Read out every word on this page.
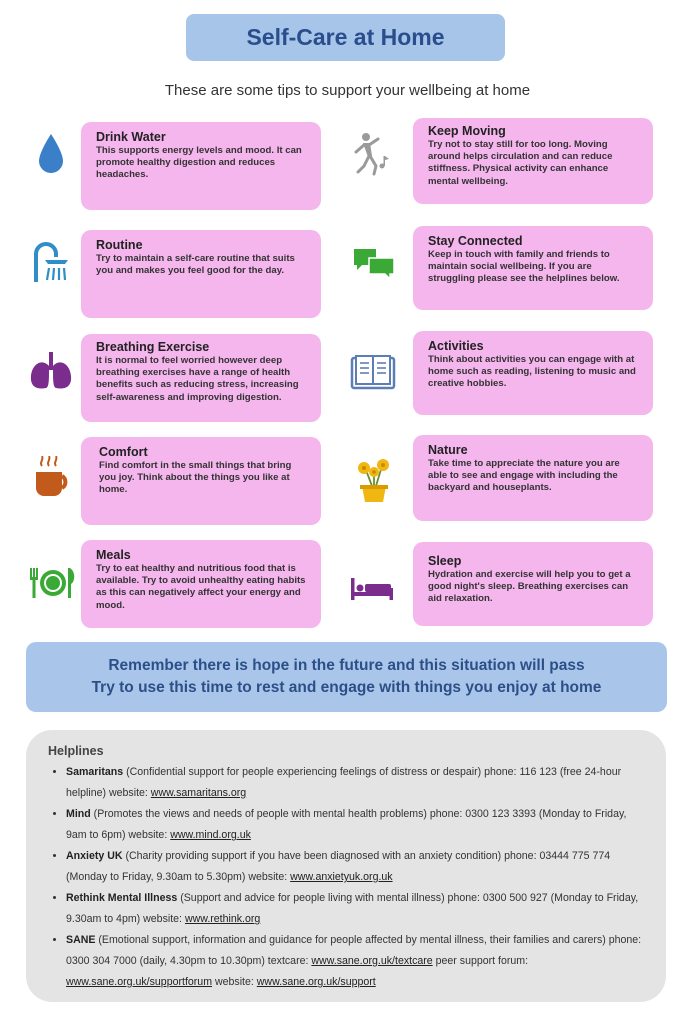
Self-Care at Home
These are some tips to support your wellbeing at home
Drink Water

This supports energy levels and mood. It can promote healthy digestion and reduces headaches.

Routine

Try to maintain a self-care routine that suits you and makes you feel good for the day.

Breathing Exercise

It is normal to feel worried however deep breathing exercises have a range of health benefits such as reducing stress, increasing self-awareness and improving digestion.

Comfort

Find comfort in the small things that bring you joy. Think about the things you like at home.

Meals

Try to eat healthy and nutritious food that is available. Try to avoid unhealthy eating habits as this can negatively affect your energy and mood.

Keep Moving

Try not to stay still for too long. Moving around helps circulation and can reduce stiffness. Physical activity can enhance mental wellbeing.

Stay Connected

Keep in touch with family and friends to maintain social wellbeing. If you are struggling please see the helplines below.

Activities

Think about activities you can engage with at home such as reading, listening to music and creative hobbies.

Nature

Take time to appreciate the nature you are able to see and engage with including the backyard and houseplants.

Sleep

Hydration and exercise will help you to get a good night's sleep. Breathing exercises can aid relaxation.

Remember there is hope in the future and this situation will pass
Try to use this time to rest and engage with things you enjoy at home
Helplines
• Samaritans (Confidential support for people experiencing feelings of distress or despair) phone: 116 123 (free 24-hour helpline) website: www.samaritans.org
• Mind (Promotes the views and needs of people with mental health problems) phone: 0300 123 3393 (Monday to Friday, 9am to 6pm) website: www.mind.org.uk
• Anxiety UK (Charity providing support if you have been diagnosed with an anxiety condition) phone: 03444 775 774 (Monday to Friday, 9.30am to 5.30pm) website: www.anxietyuk.org.uk
• Rethink Mental Illness (Support and advice for people living with mental illness) phone: 0300 500 927 (Monday to Friday, 9.30am to 4pm) website: www.rethink.org
• SANE (Emotional support, information and guidance for people affected by mental illness, their families and carers) phone: 0300 304 7000 (daily, 4.30pm to 10.30pm) textcare: www.sane.org.uk/textcare peer support forum: www.sane.org.uk/supportforum website: www.sane.org.uk/support
